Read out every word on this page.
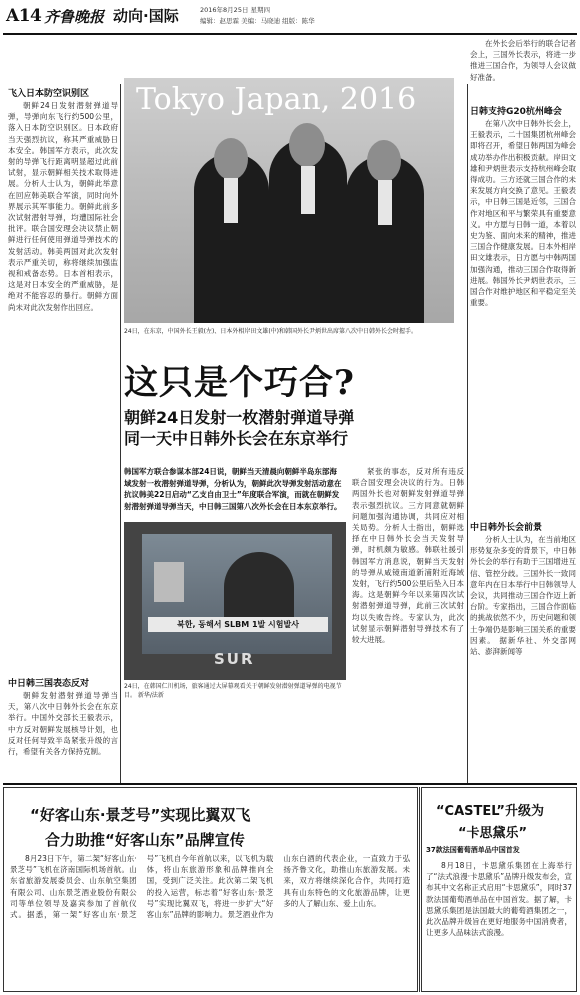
A14 齐鲁晚报 动向·国际	2016年8月25日 星期四
编辑：赵思霖 美编：马晓迪 组版：陈华
飞入日本防空识别区
朝鲜24日发射潜射弹道导弹，导弹向东飞行约500公里，落入日本防空识别区。日本政府当天强烈抗议，称其严重威胁日本安全。韩国军方表示，此次发射的导弹飞行距离明显超过此前试射，显示朝鲜相关技术取得进展。分析人士认为，朝鲜此举意在回应韩美联合军演，同时向外界展示其军事能力。朝鲜此前多次试射潜射导弹，均遭国际社会批评。联合国安理会决议禁止朝鲜进行任何使用弹道导弹技术的发射活动。韩美两国对此次发射表示严重关切，称将继续加强监视和戒备态势。日本首相表示，这是对日本安全的严重威胁，是绝对不能容忍的暴行。朝鲜方面尚未对此次发射作出回应。
中日韩三国表态反对
朝鲜发射潜射弹道导弹当天，第八次中日韩外长会在东京举行。中国外交部长王毅表示，中方反对朝鲜发展核导计划，也反对任何导致半岛紧张升级的言行，希望有关各方保持克制。
Tokyo Japan, 2016
24日，在东京，中国外长王毅(左)、日本外相岸田文雄(中)和韩国外长尹炳世出席第八次中日韩外长会时握手。
这只是个巧合?
朝鲜24日发射一枚潜射弹道导弹
同一天中日韩外长会在东京举行
韩国军方联合参谋本部24日说，朝鲜当天清晨向朝鲜半岛东部海域发射一枚潜射弹道导弹，分析认为，朝鲜此次导弹发射活动意在抗议韩美22日启动“乙支自由卫士”年度联合军演，而就在朝鲜发射潜射弹道导弹当天，中日韩三国第八次外长会在日本东京举行。
북한, 동해서 SLBM 1발 시험발사
SUR
24日，在韩国仁川机场，旅客通过大屏幕观看关于朝鲜发射潜射弹道导弹的电视节目。 新华/法新
紧张的事态，反对所有违反联合国安理会决议的行为。日韩两国外长也对朝鲜发射弹道导弹表示强烈抗议。三方同意就朝鲜问题加强沟通协调，共同应对相关局势。分析人士指出，朝鲜选择在中日韩外长会当天发射导弹，时机颇为敏感。韩联社援引韩国军方消息说，朝鲜当天发射的导弹从咸镜南道新浦附近海域发射，飞行约500公里后坠入日本海。这是朝鲜今年以来第四次试射潜射弹道导弹，此前三次试射均以失败告终。专家认为，此次试射显示朝鲜潜射导弹技术有了较大进展。
在外长会后举行的联合记者会上，三国外长表示，将进一步推进三国合作，为领导人会议做好准备。
日韩支持G20杭州峰会
在第八次中日韩外长会上，王毅表示，二十国集团杭州峰会即将召开，希望日韩两国为峰会成功举办作出积极贡献。岸田文雄和尹炳世表示支持杭州峰会取得成功。三方还就三国合作的未来发展方向交换了意见。王毅表示，中日韩三国是近邻，三国合作对地区和平与繁荣具有重要意义。中方愿与日韩一道，本着以史为鉴、面向未来的精神，推进三国合作健康发展。日本外相岸田文雄表示，日方愿与中韩两国加强沟通，推动三国合作取得新进展。韩国外长尹炳世表示，三国合作对维护地区和平稳定至关重要。
中日韩外长会前景
分析人士认为，在当前地区形势复杂多变的背景下，中日韩外长会的举行有助于三国增进互信、管控分歧。三国外长一致同意年内在日本举行中日韩领导人会议，共同推动三国合作迈上新台阶。专家指出，三国合作面临的挑战依然不少，历史问题和领土争端仍是影响三国关系的重要因素。 据新华社、外交部网站、澎湃新闻等
“好客山东·景芝号”实现比翼双飞
合力助推“好客山东”品牌宣传
8月23日下午，第二架“好客山东·景芝号”飞机在济南国际机场首航。山东省旅游发展委员会、山东航空集团有限公司、山东景芝酒业股份有限公司等单位领导及嘉宾参加了首航仪式。据悉，第一架“好客山东·景芝号”飞机自今年首航以来，以飞机为载体，将山东旅游形象和品牌推向全国，受到广泛关注。此次第二架飞机的投入运营，标志着“好客山东·景芝号”实现比翼双飞，将进一步扩大“好客山东”品牌的影响力。景芝酒业作为山东白酒的代表企业，一直致力于弘扬齐鲁文化，助推山东旅游发展。未来，双方将继续深化合作，共同打造具有山东特色的文化旅游品牌，让更多的人了解山东、爱上山东。
“CASTEL”升级为
“卡思黛乐”
37款法国葡萄酒单品中国首发
8月18日，卡思黛乐集团在上海举行了“法式浪漫·卡思黛乐”品牌升级发布会，宣布其中文名称正式启用“卡思黛乐”，同时37款法国葡萄酒单品在中国首发。据了解，卡思黛乐集团是法国最大的葡萄酒集团之一，此次品牌升级旨在更好地服务中国消费者，让更多人品味法式浪漫。
